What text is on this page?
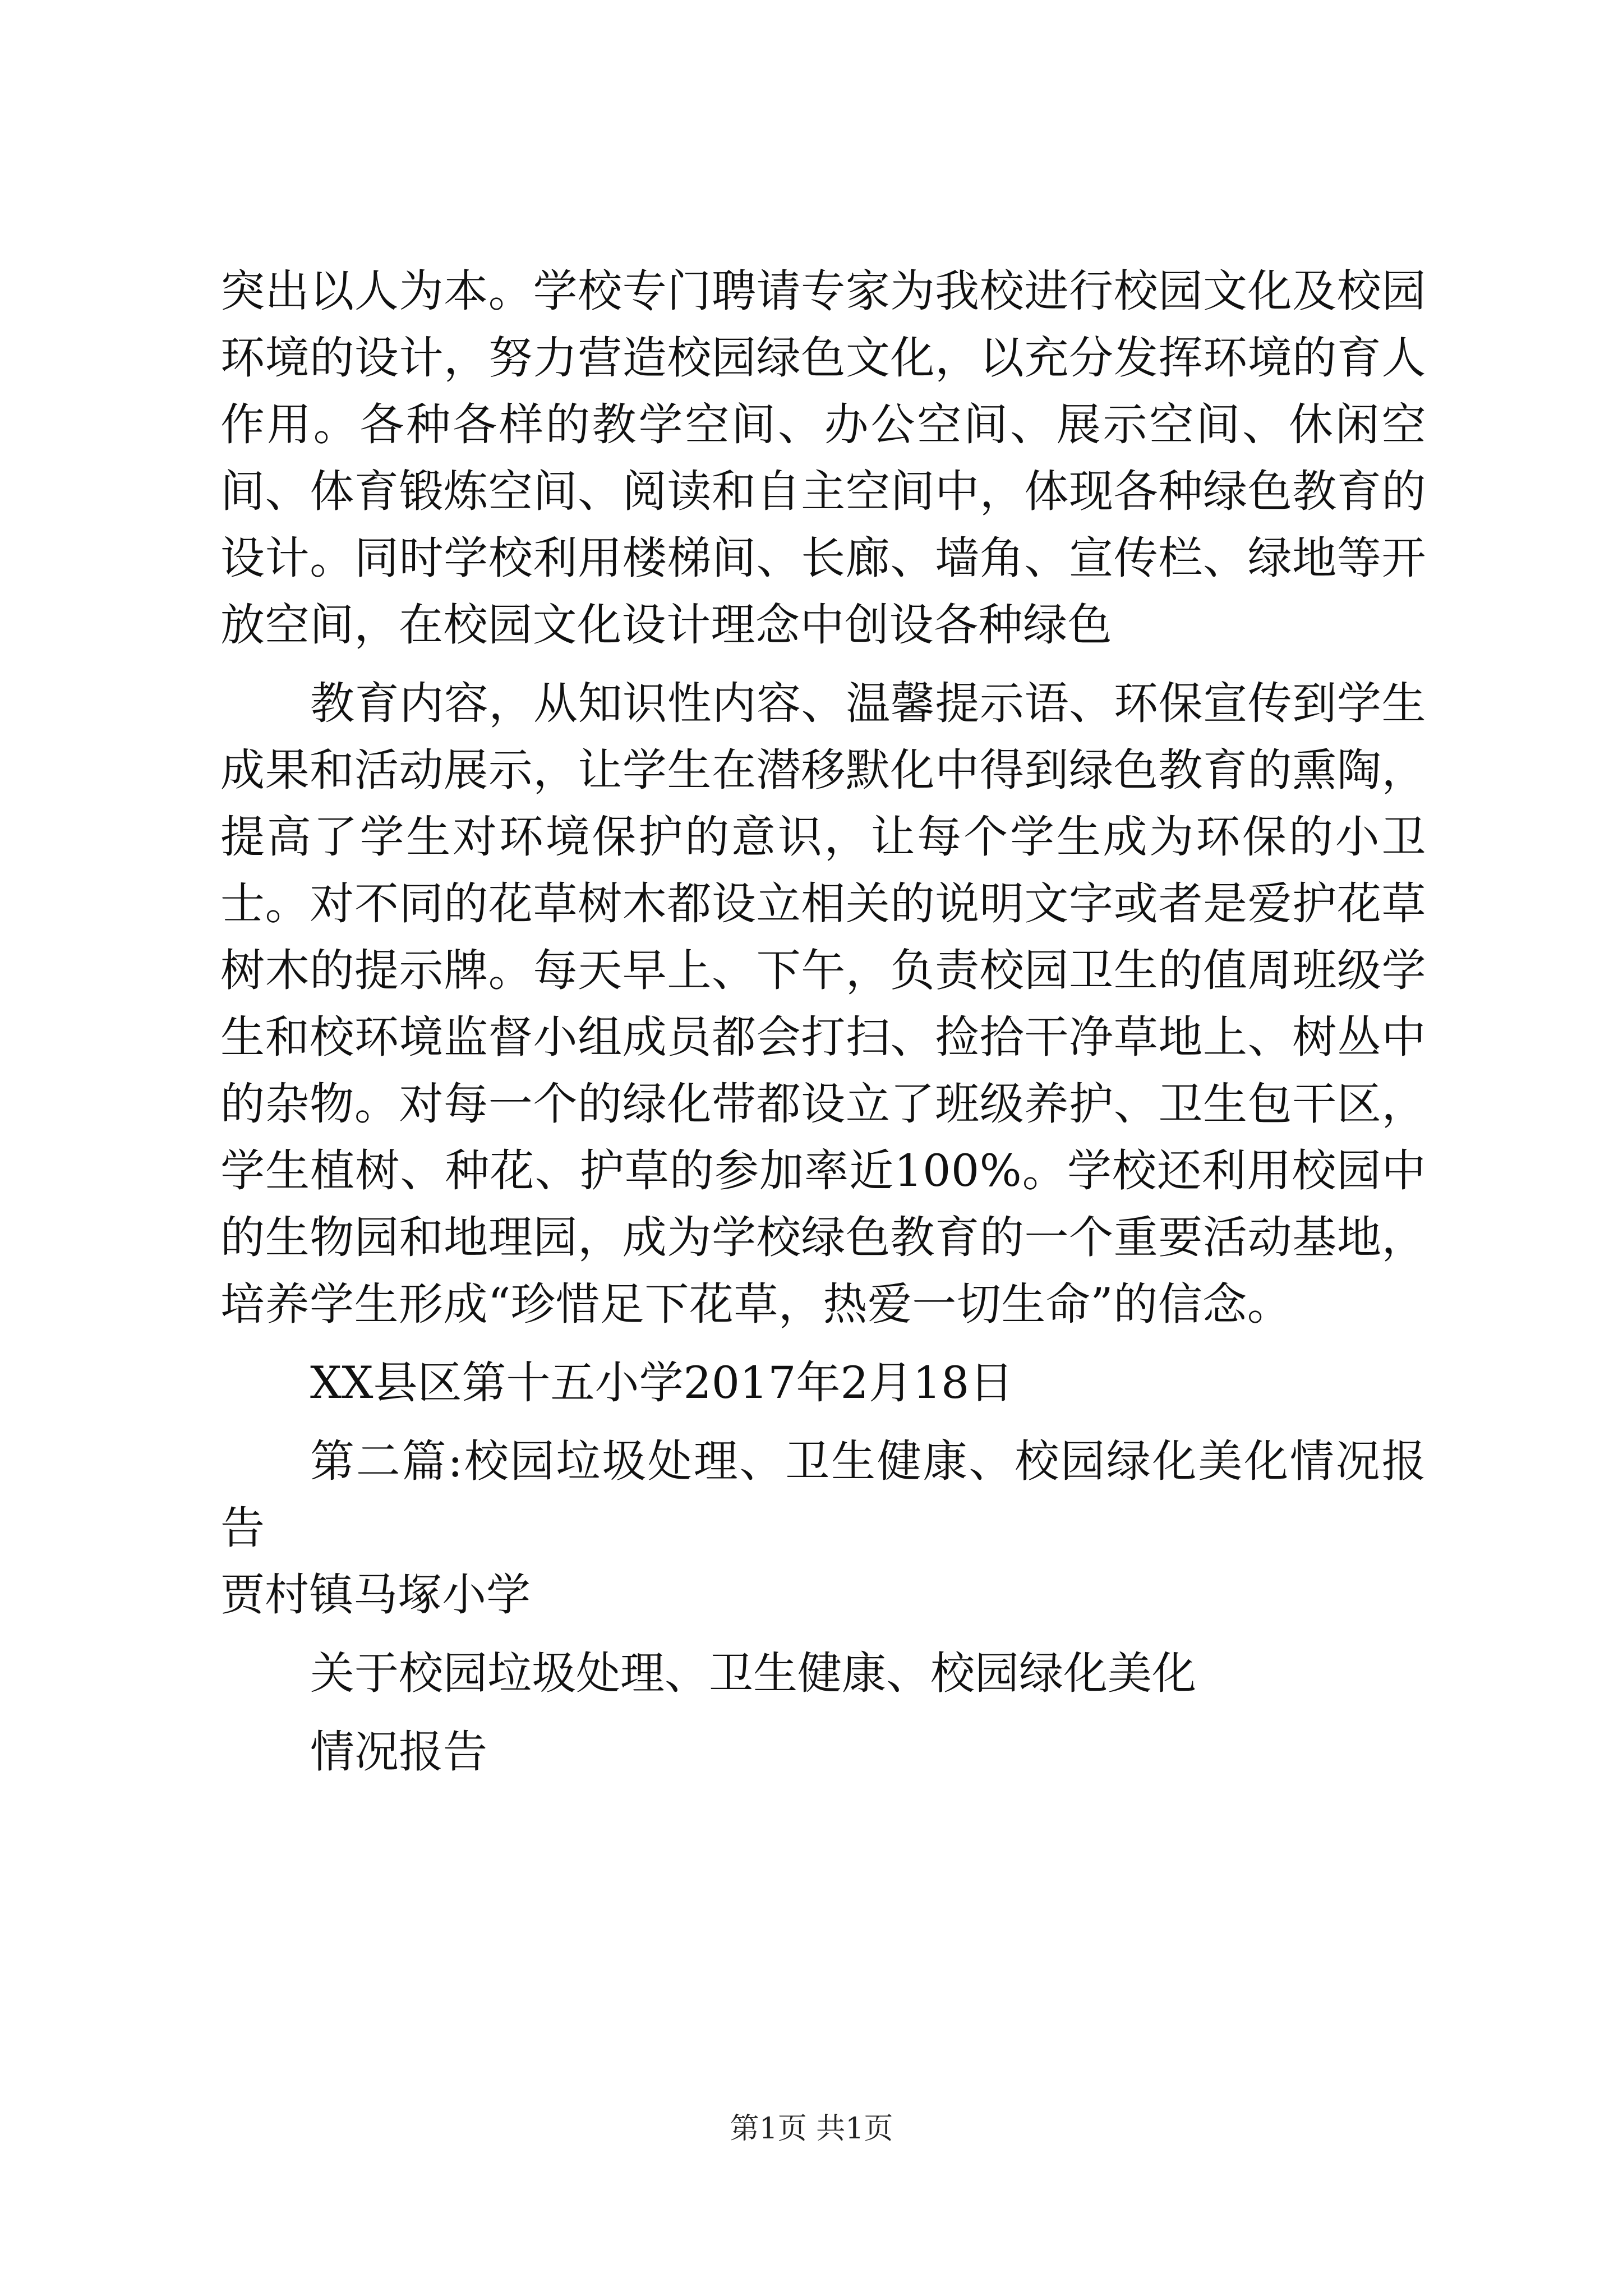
突出以人为本。学校专门聘请专家为我校进行校园文化及校园环境的设计，努力营造校园绿色文化，以充分发挥环境的育人作用。各种各样的教学空间、办公空间、展示空间、休闲空间、体育锻炼空间、阅读和自主空间中，体现各种绿色教育的设计。同时学校利用楼梯间、长廊、墙角、宣传栏、绿地等开放空间，在校园文化设计理念中创设各种绿色

教育内容，从知识性内容、温馨提示语、环保宣传到学生成果和活动展示，让学生在潜移默化中得到绿色教育的熏陶，提高了学生对环境保护的意识，让每个学生成为环保的小卫士。对不同的花草树木都设立相关的说明文字或者是爱护花草树木的提示牌。每天早上、下午，负责校园卫生的值周班级学生和校环境监督小组成员都会打扫、捡拾干净草地上、树丛中的杂物。对每一个的绿化带都设立了班级养护、卫生包干区，学生植树、种花、护草的参加率近100%。学校还利用校园中的生物园和地理园，成为学校绿色教育的一个重要活动基地，培养学生形成“珍惜足下花草，热爱一切生命”的信念。

XX县区第十五小学2017年2月18日

第二篇:校园垃圾处理、卫生健康、校园绿化美化情况报告

贾村镇马塚小学

关于校园垃圾处理、卫生健康、校园绿化美化

情况报告

第1页 共1页
